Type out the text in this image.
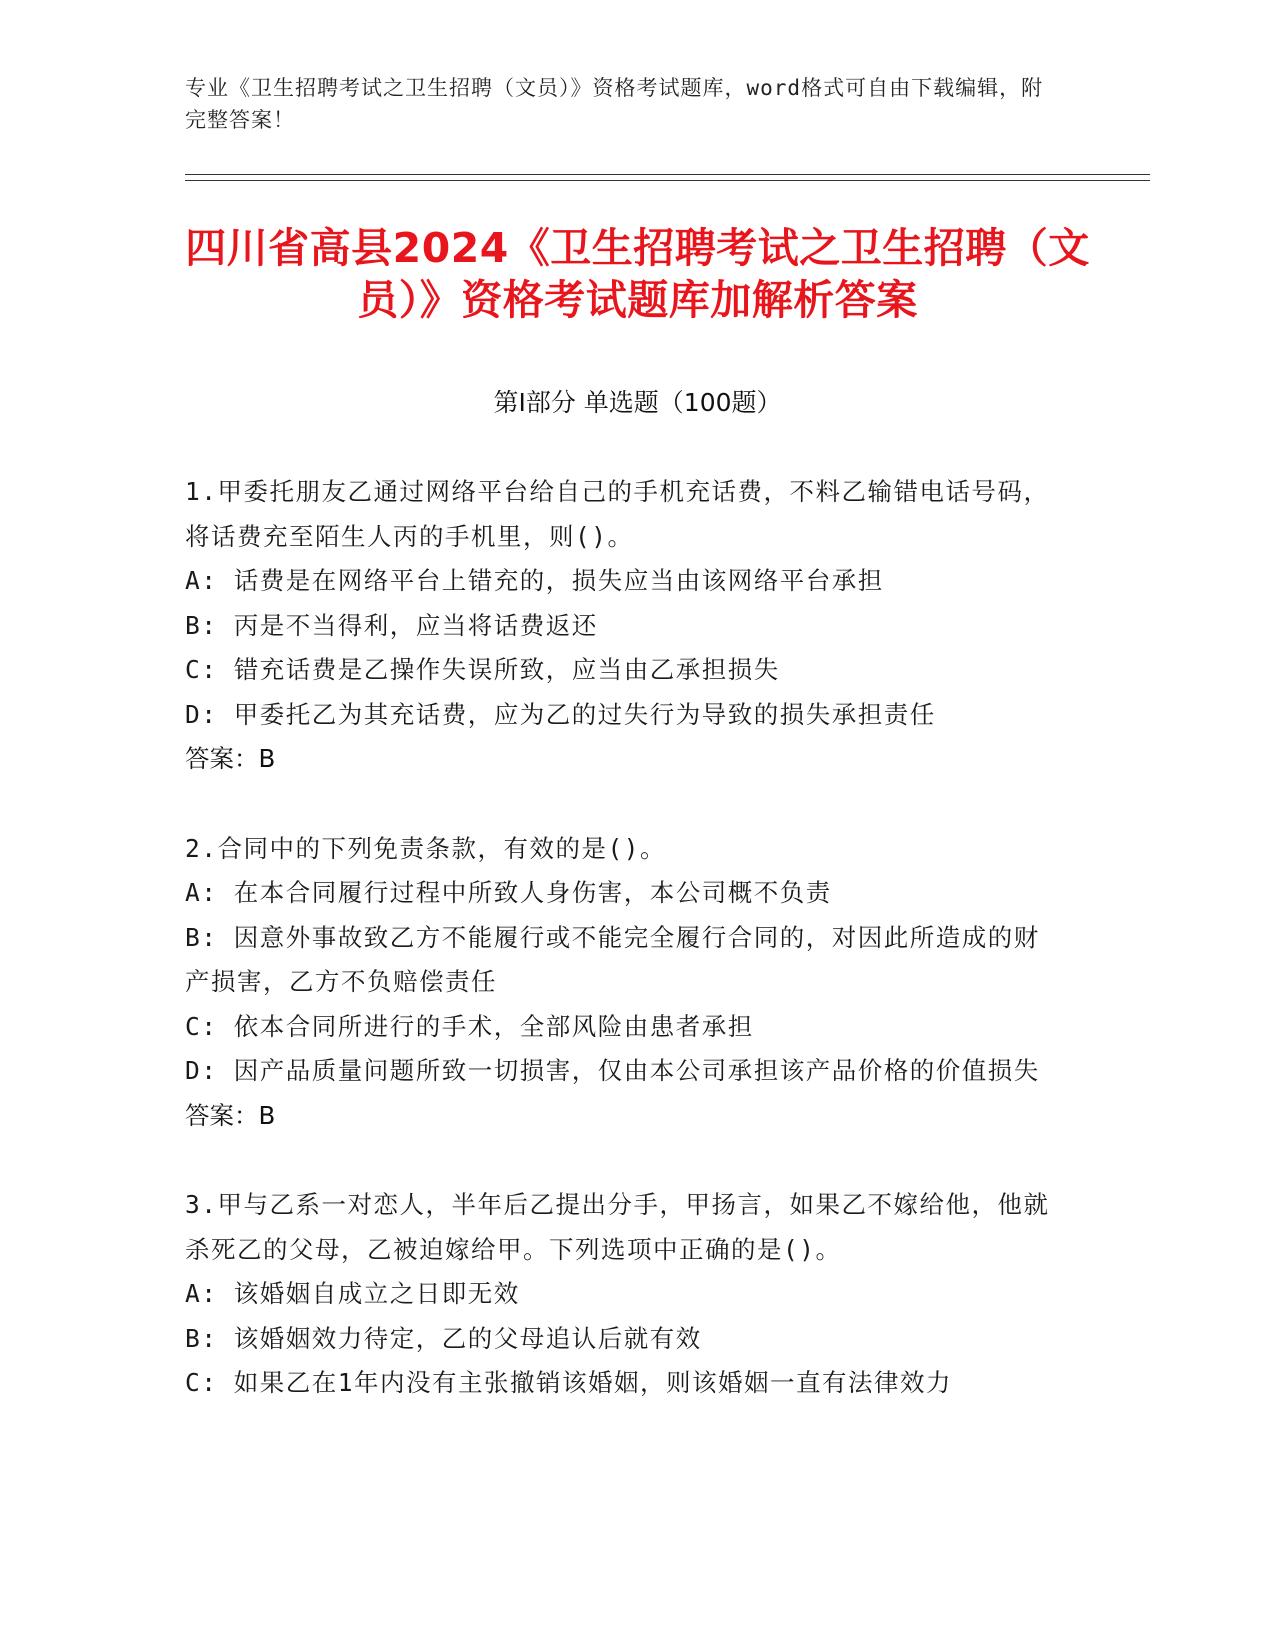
专业《卫生招聘考试之卫生招聘（文员）》资格考试题库，word格式可自由下载编辑，附完整答案！
四川省高县2024《卫生招聘考试之卫生招聘（文员）》资格考试题库加解析答案
第Ⅰ部分 单选题（100题）
1.甲委托朋友乙通过网络平台给自己的手机充话费，不料乙输错电话号码，将话费充至陌生人丙的手机里，则()。
A: 话费是在网络平台上错充的，损失应当由该网络平台承担
B: 丙是不当得利，应当将话费返还
C: 错充话费是乙操作失误所致，应当由乙承担损失
D: 甲委托乙为其充话费，应为乙的过失行为导致的损失承担责任
答案：B
2.合同中的下列免责条款，有效的是()。
A: 在本合同履行过程中所致人身伤害，本公司概不负责
B: 因意外事故致乙方不能履行或不能完全履行合同的，对因此所造成的财产损害，乙方不负赔偿责任
C: 依本合同所进行的手术，全部风险由患者承担
D: 因产品质量问题所致一切损害，仅由本公司承担该产品价格的价值损失
答案：B
3.甲与乙系一对恋人，半年后乙提出分手，甲扬言，如果乙不嫁给他，他就杀死乙的父母，乙被迫嫁给甲。下列选项中正确的是()。
A: 该婚姻自成立之日即无效
B: 该婚姻效力待定，乙的父母追认后就有效
C: 如果乙在1年内没有主张撤销该婚姻，则该婚姻一直有法律效力
